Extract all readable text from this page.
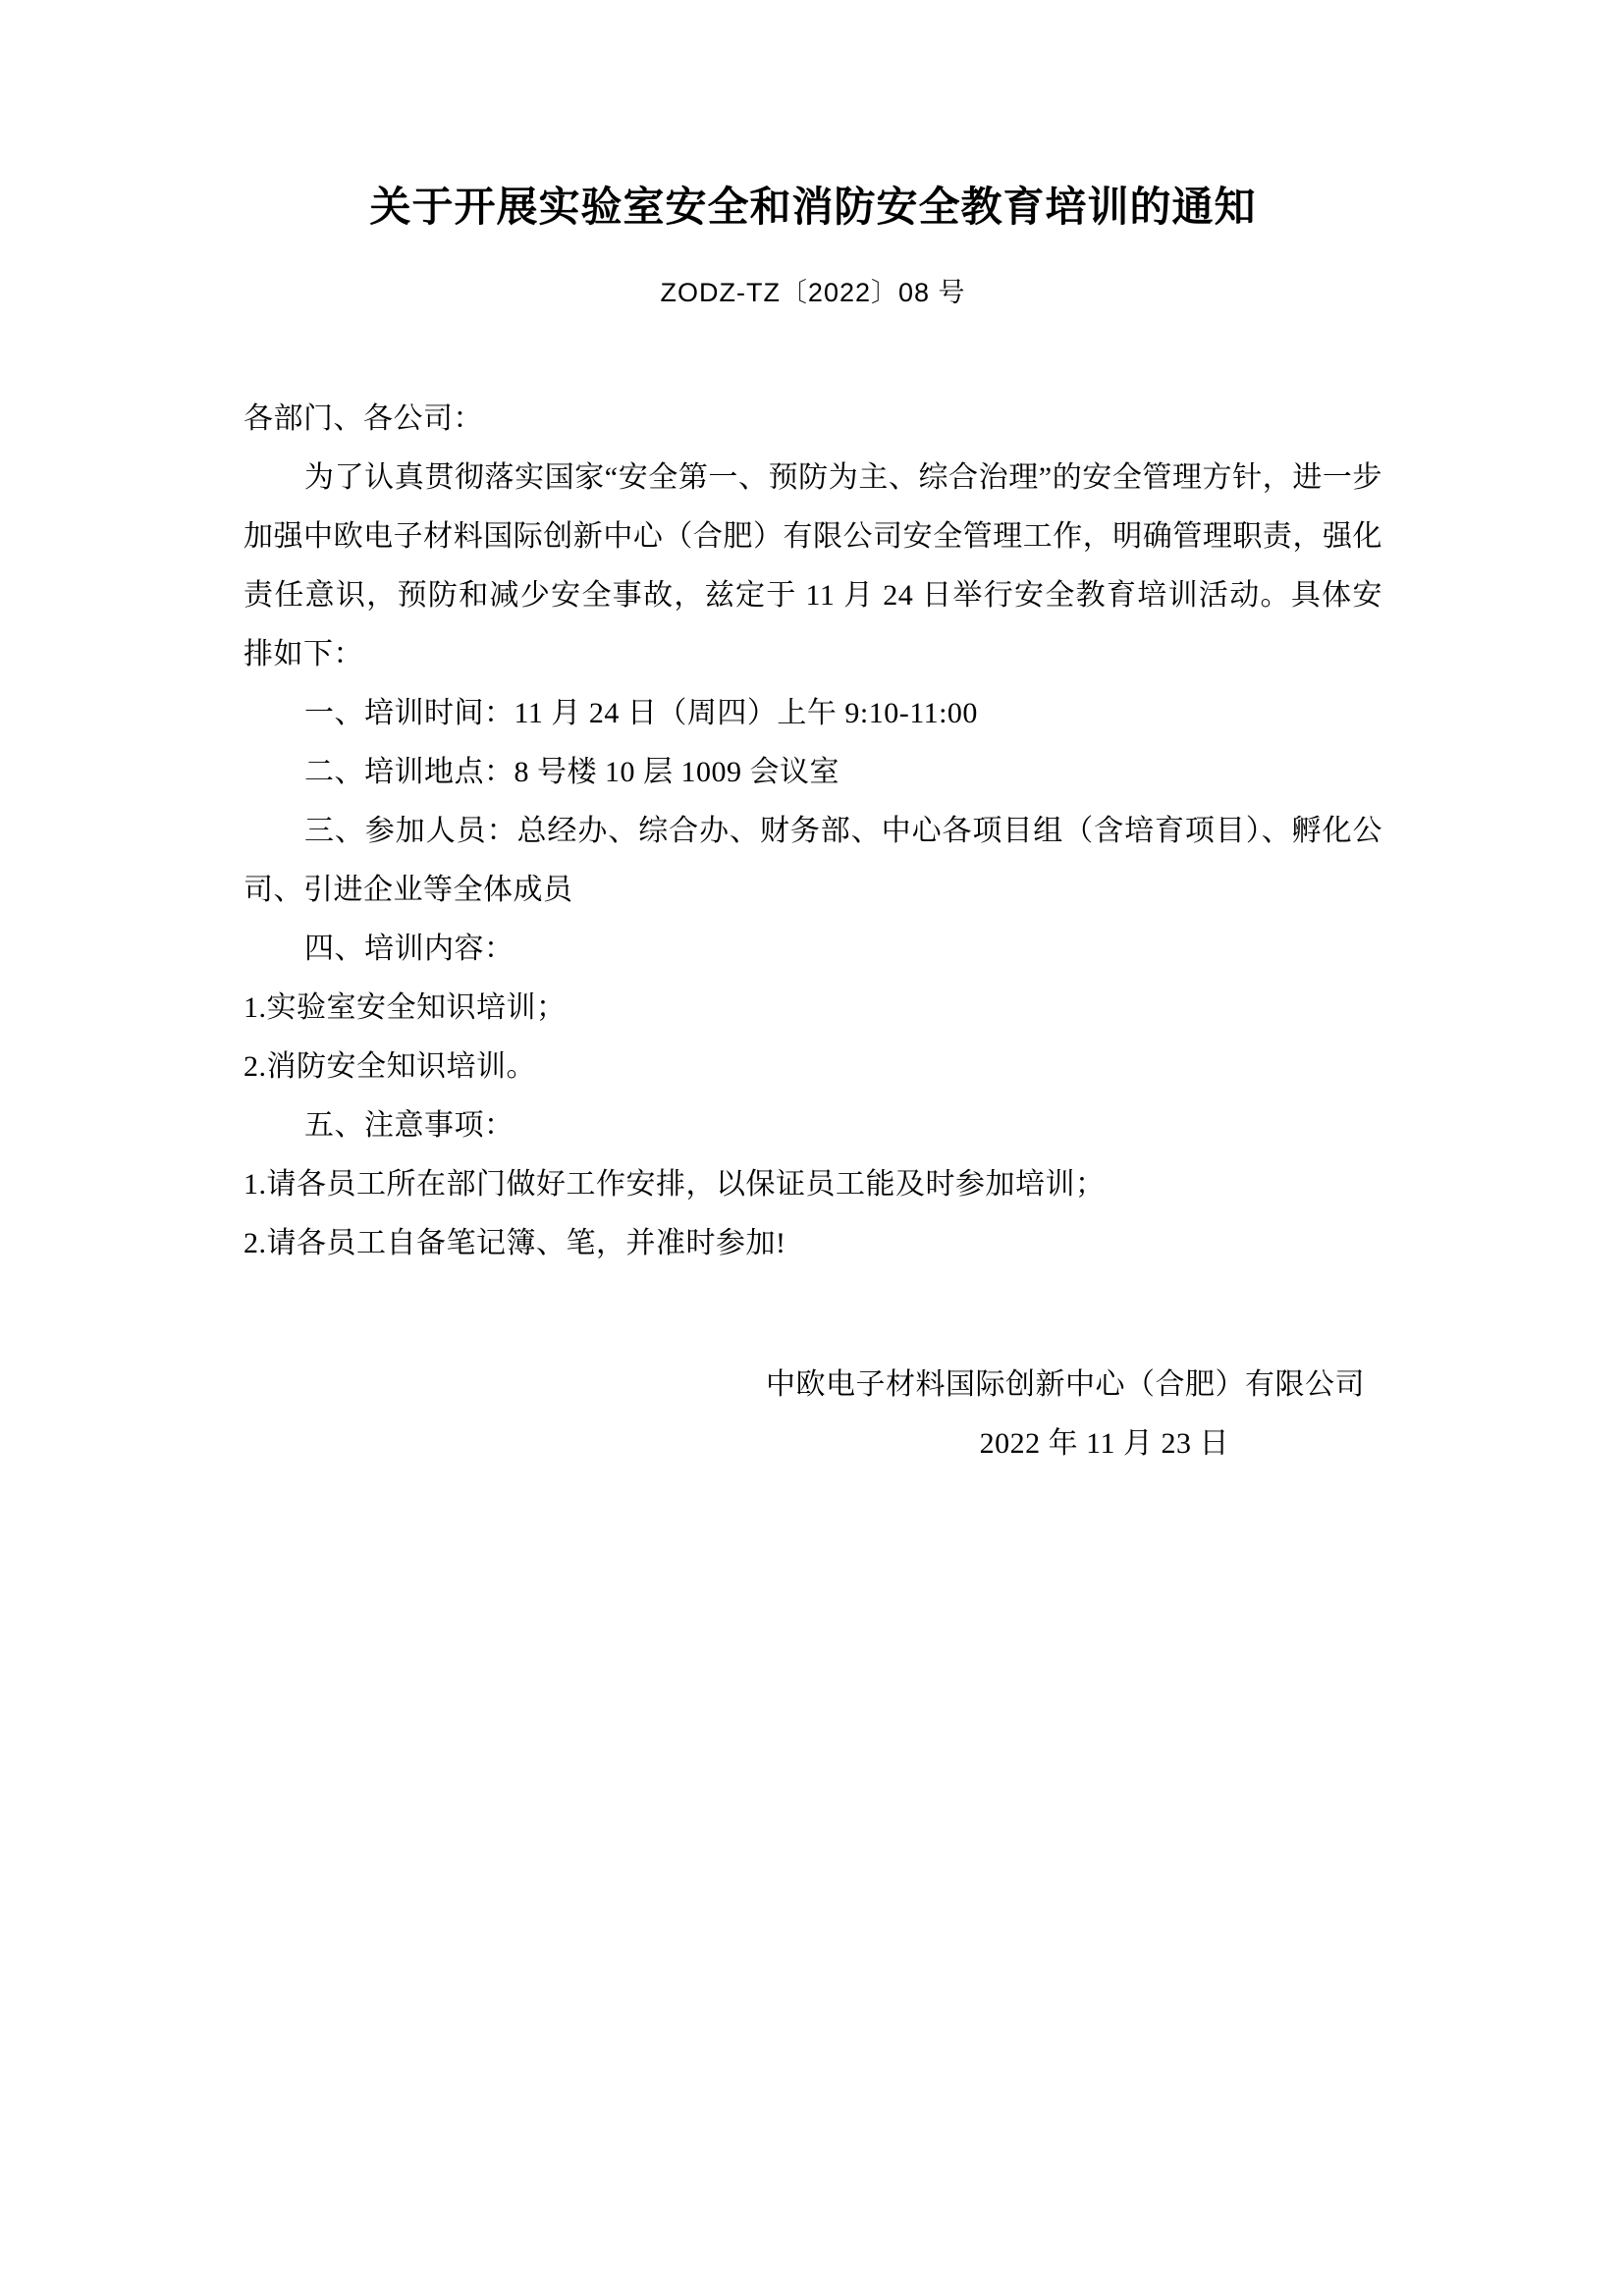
关于开展实验室安全和消防安全教育培训的通知
ZODZ-TZ〔2022〕08 号

各部门、各公司：

为了认真贯彻落实国家“安全第一、预防为主、综合治理”的安全管理方针，进一步加强中欧电子材料国际创新中心（合肥）有限公司安全管理工作，明确管理职责，强化责任意识，预防和减少安全事故，兹定于 11 月 24 日举行安全教育培训活动。具体安排如下：

一、培训时间：11 月 24 日（周四）上午 9:10-11:00

二、培训地点：8 号楼 10 层 1009 会议室

三、参加人员：总经办、综合办、财务部、中心各项目组（含培育项目）、孵化公司、引进企业等全体成员

四、培训内容：

1.实验室安全知识培训；

2.消防安全知识培训。

五、注意事项：

1.请各员工所在部门做好工作安排，以保证员工能及时参加培训；

2.请各员工自备笔记簿、笔，并准时参加!

中欧电子材料国际创新中心（合肥）有限公司

2022 年 11 月 23 日
